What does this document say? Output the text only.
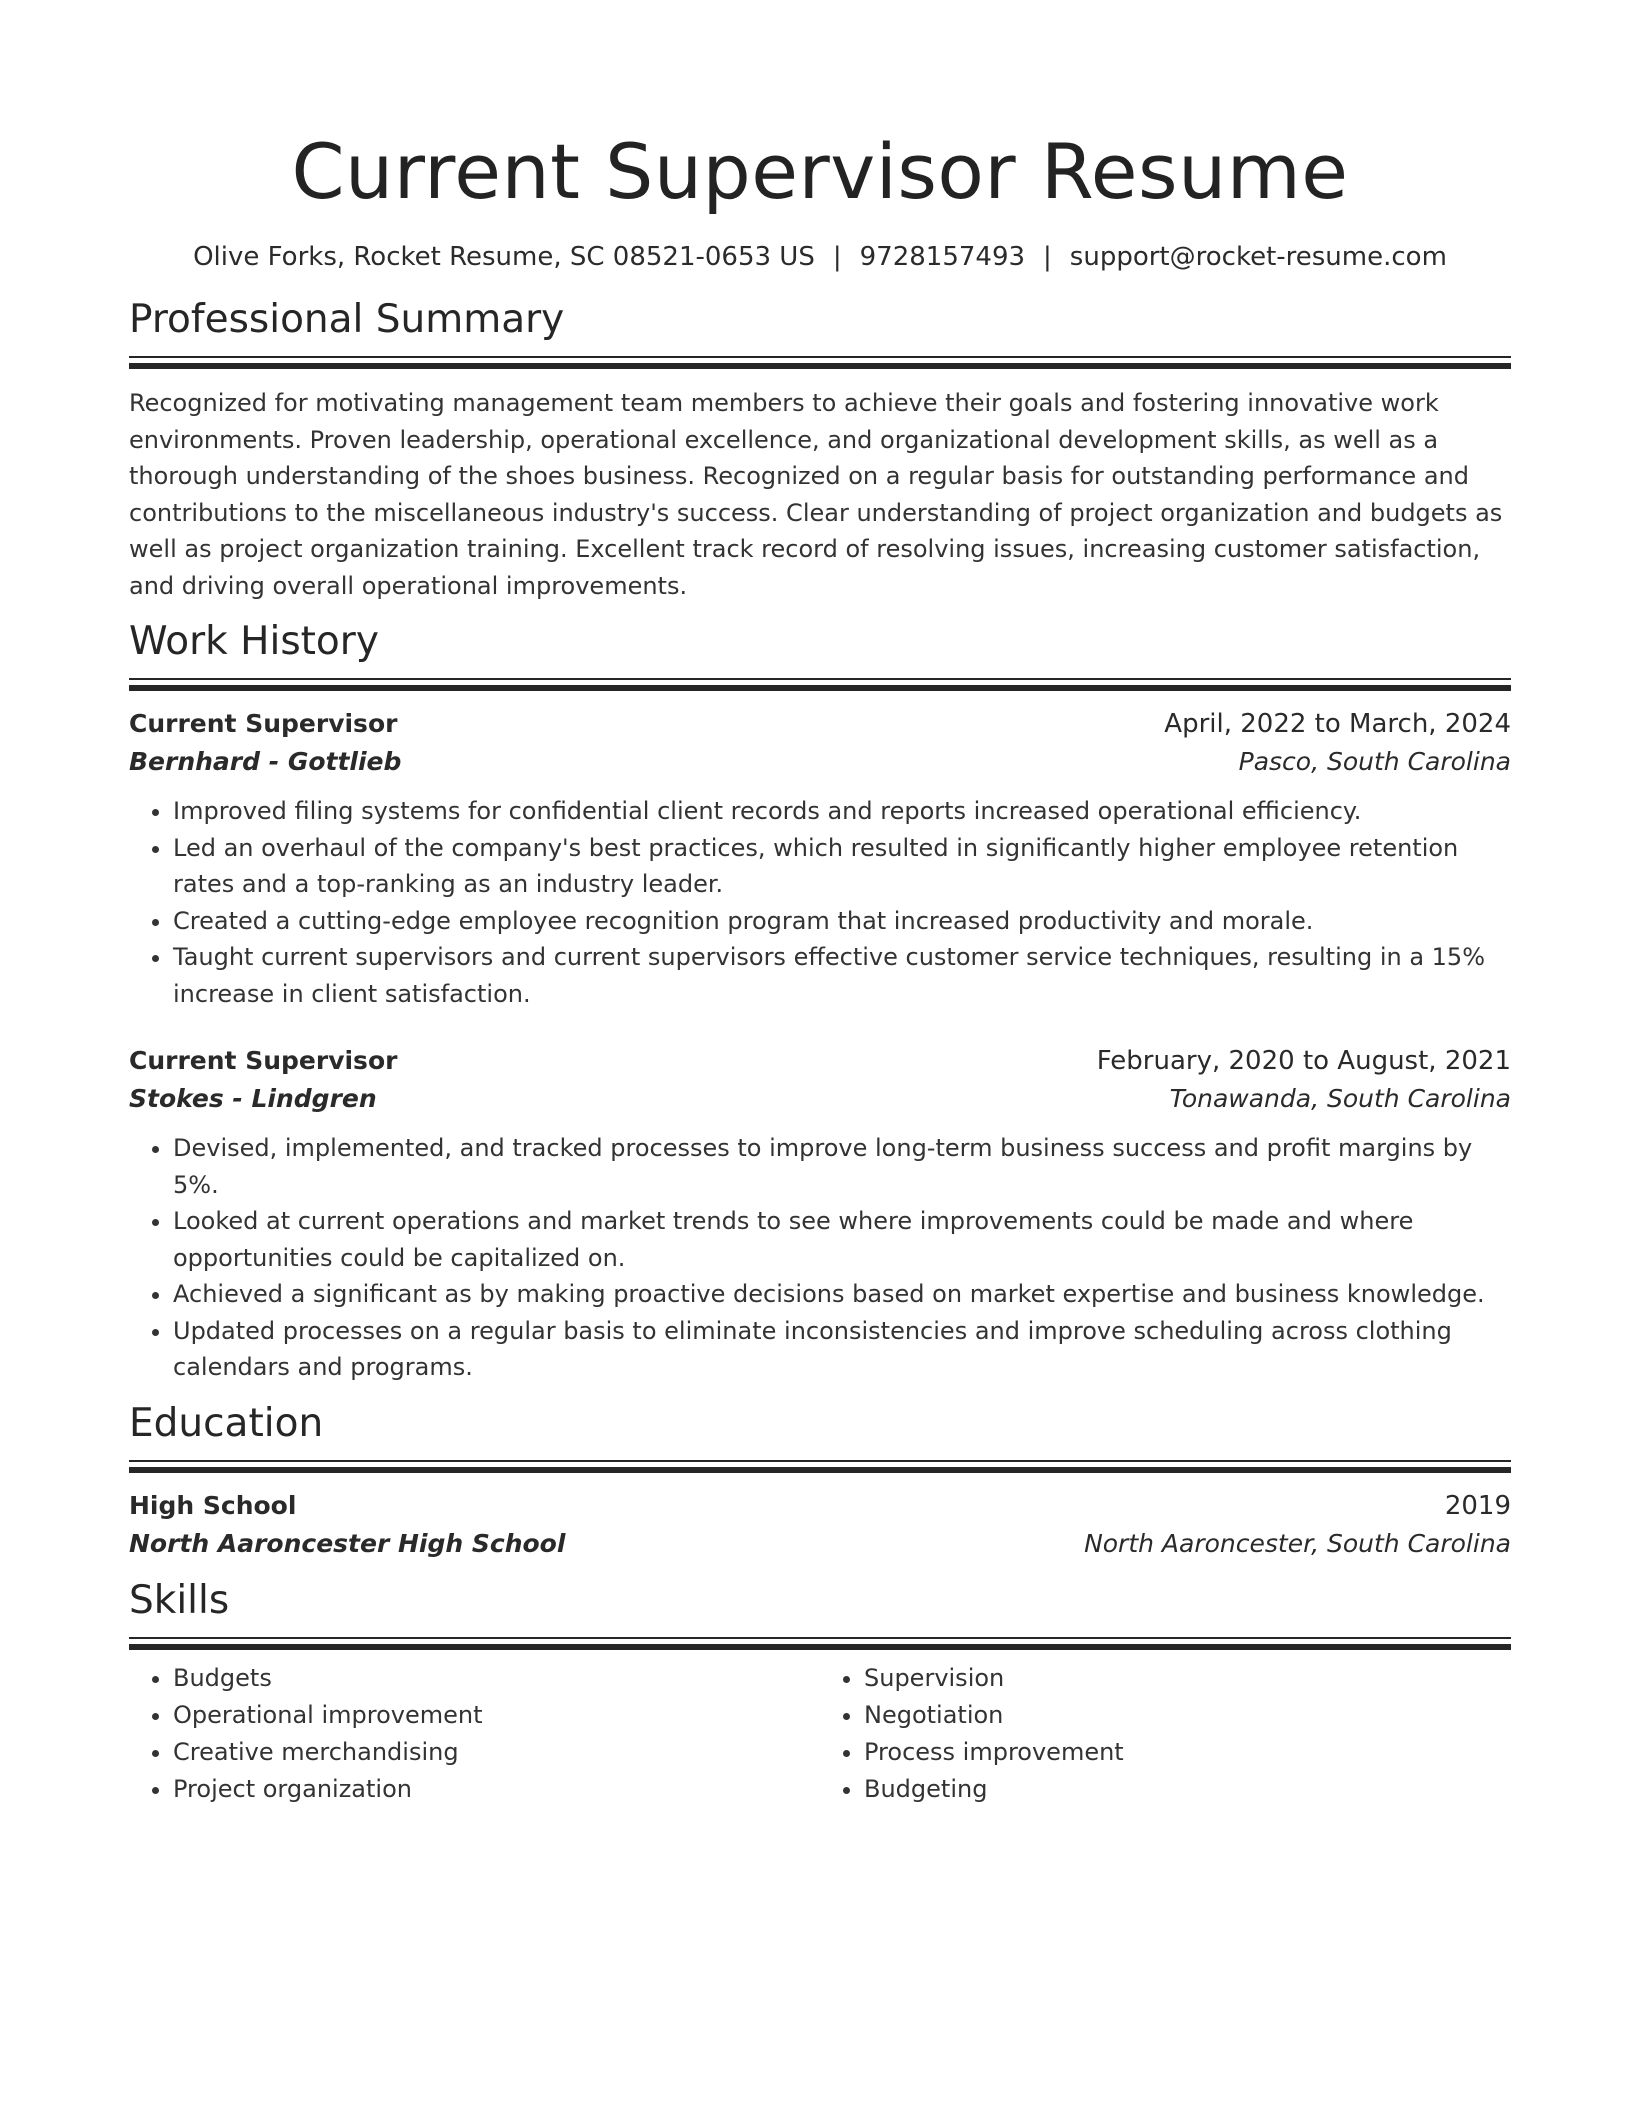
Current Supervisor Resume
Olive Forks, Rocket Resume, SC 08521-0653 US | 9728157493 | support@rocket-resume.com
Professional Summary
Recognized for motivating management team members to achieve their goals and fostering innovative work environments. Proven leadership, operational excellence, and organizational development skills, as well as a thorough understanding of the shoes business. Recognized on a regular basis for outstanding performance and contributions to the miscellaneous industry's success. Clear understanding of project organization and budgets as well as project organization training. Excellent track record of resolving issues, increasing customer satisfaction, and driving overall operational improvements.
Work History
Current Supervisor	April, 2022 to March, 2024
Bernhard - Gottlieb	Pasco, South Carolina
• Improved filing systems for confidential client records and reports increased operational efficiency.
• Led an overhaul of the company's best practices, which resulted in significantly higher employee retention rates and a top-ranking as an industry leader.
• Created a cutting-edge employee recognition program that increased productivity and morale.
• Taught current supervisors and current supervisors effective customer service techniques, resulting in a 15% increase in client satisfaction.
Current Supervisor	February, 2020 to August, 2021
Stokes - Lindgren	Tonawanda, South Carolina
• Devised, implemented, and tracked processes to improve long-term business success and profit margins by 5%.
• Looked at current operations and market trends to see where improvements could be made and where opportunities could be capitalized on.
• Achieved a significant as by making proactive decisions based on market expertise and business knowledge.
• Updated processes on a regular basis to eliminate inconsistencies and improve scheduling across clothing calendars and programs.
Education
High School	2019
North Aaroncester High School	North Aaroncester, South Carolina
Skills
• Budgets
• Operational improvement
• Creative merchandising
• Project organization
• Supervision
• Negotiation
• Process improvement
• Budgeting
